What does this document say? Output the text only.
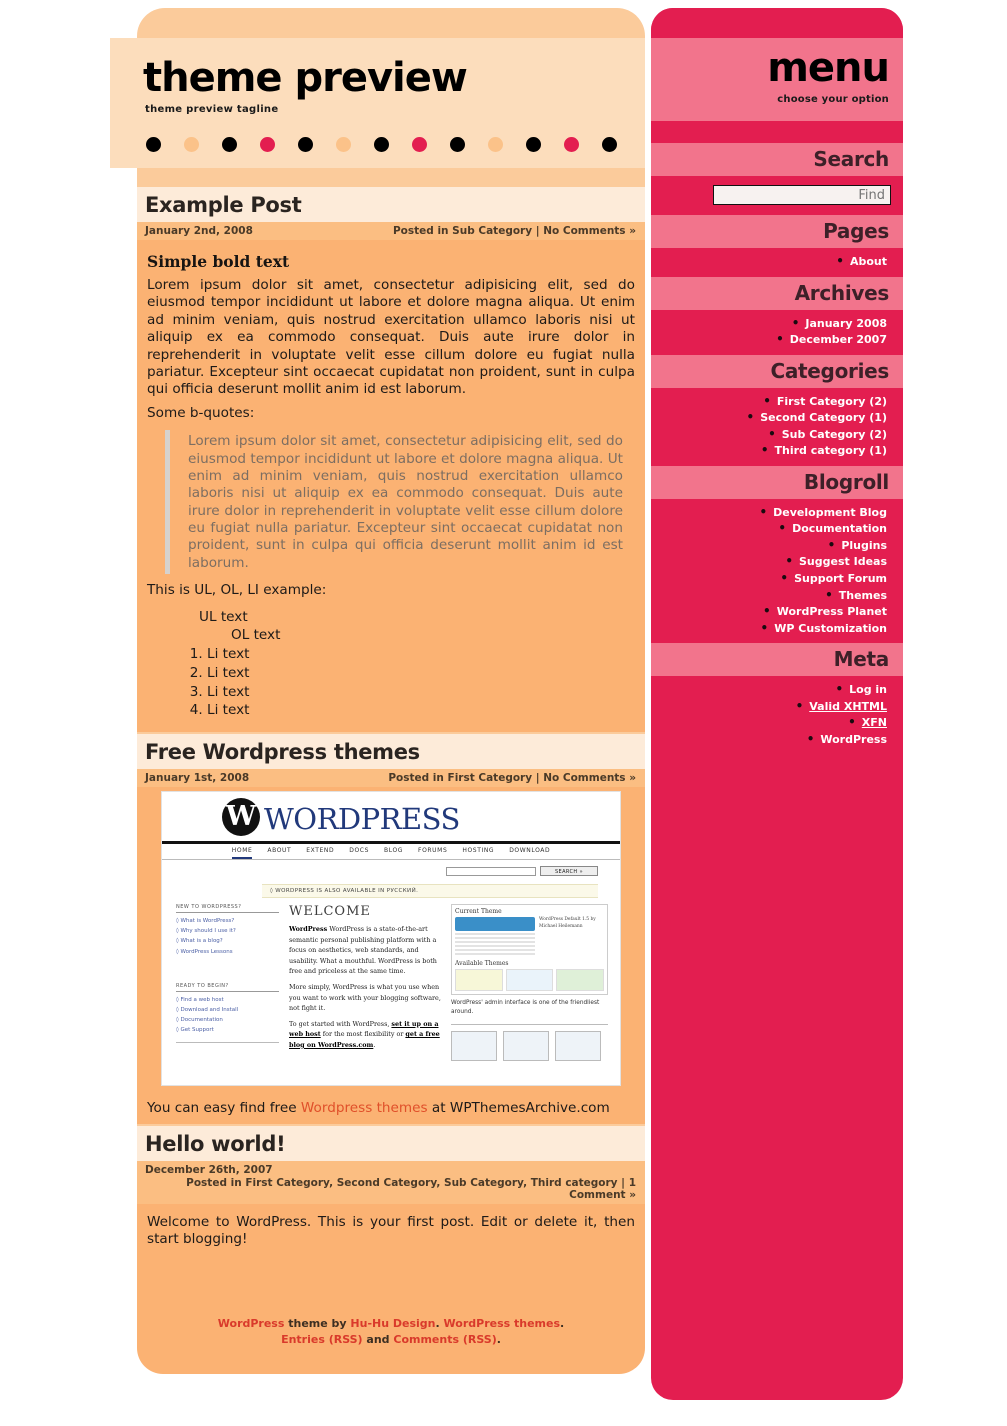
theme preview
theme preview tagline
Example Post
January 2nd, 2008	Posted in Sub Category | No Comments »
Simple bold text

Lorem ipsum dolor sit amet, consectetur adipisicing elit, sed do eiusmod tempor incididunt ut labore et dolore magna aliqua. Ut enim ad minim veniam, quis nostrud exercitation ullamco laboris nisi ut aliquip ex ea commodo consequat. Duis aute irure dolor in reprehenderit in voluptate velit esse cillum dolore eu fugiat nulla pariatur. Excepteur sint occaecat cupidatat non proident, sunt in culpa qui officia deserunt mollit anim id est laborum.

Some b-quotes:

Lorem ipsum dolor sit amet, consectetur adipisicing elit, sed do eiusmod tempor incididunt ut labore et dolore magna aliqua. Ut enim ad minim veniam, quis nostrud exercitation ullamco laboris nisi ut aliquip ex ea commodo consequat. Duis aute irure dolor in reprehenderit in voluptate velit esse cillum dolore eu fugiat nulla pariatur. Excepteur sint occaecat cupidatat non proident, sunt in culpa qui officia deserunt mollit anim id est laborum.

This is UL, OL, LI example:

UL text
OL text
1. Li text
2. Li text
3. Li text
4. Li text
Free Wordpress themes
January 1st, 2008	Posted in First Category | No Comments »
W WORDPRESS
HOME	ABOUT	EXTEND	DOCS	BLOG	FORUMS	HOSTING	DOWNLOAD
SEARCH »
◊ WORDPRESS IS ALSO AVAILABLE IN РУССКИЙ.
NEW TO WORDPRESS?
◊ What is WordPress?
◊ Why should I use it?
◊ What is a blog?
◊ WordPress Lessons
READY TO BEGIN?
◊ Find a web host
◊ Download and Install
◊ Documentation
◊ Get Support
WELCOME
WordPress WordPress is a state-of-the-art semantic personal publishing platform with a focus on aesthetics, web standards, and usability. What a mouthful. WordPress is both free and priceless at the same time.
More simply, WordPress is what you use when you want to work with your blogging software, not fight it.
To get started with WordPress, set it up on a web host for the most flexibility or get a free blog on WordPress.com.
Current Theme
WordPress Default 1.5 by Michael Heilemann
Available Themes
WordPress' admin interface is one of the friendliest around.
You can easy find free Wordpress themes at WPThemesArchive.com
Hello world!
December 26th, 2007
Posted in First Category, Second Category, Sub Category, Third category | 1 Comment »

Welcome to WordPress. This is your first post. Edit or delete it, then start blogging!

WordPress theme by Hu-Hu Design. WordPress themes.
Entries (RSS) and Comments (RSS).
menu
choose your option
Search
Find
Pages
• About
Archives
• January 2008
• December 2007
Categories
• First Category (2)
• Second Category (1)
• Sub Category (2)
• Third category (1)
Blogroll
• Development Blog
• Documentation
• Plugins
• Suggest Ideas
• Support Forum
• Themes
• WordPress Planet
• WP Customization
Meta
• Log in
• Valid XHTML
• XFN
• WordPress
